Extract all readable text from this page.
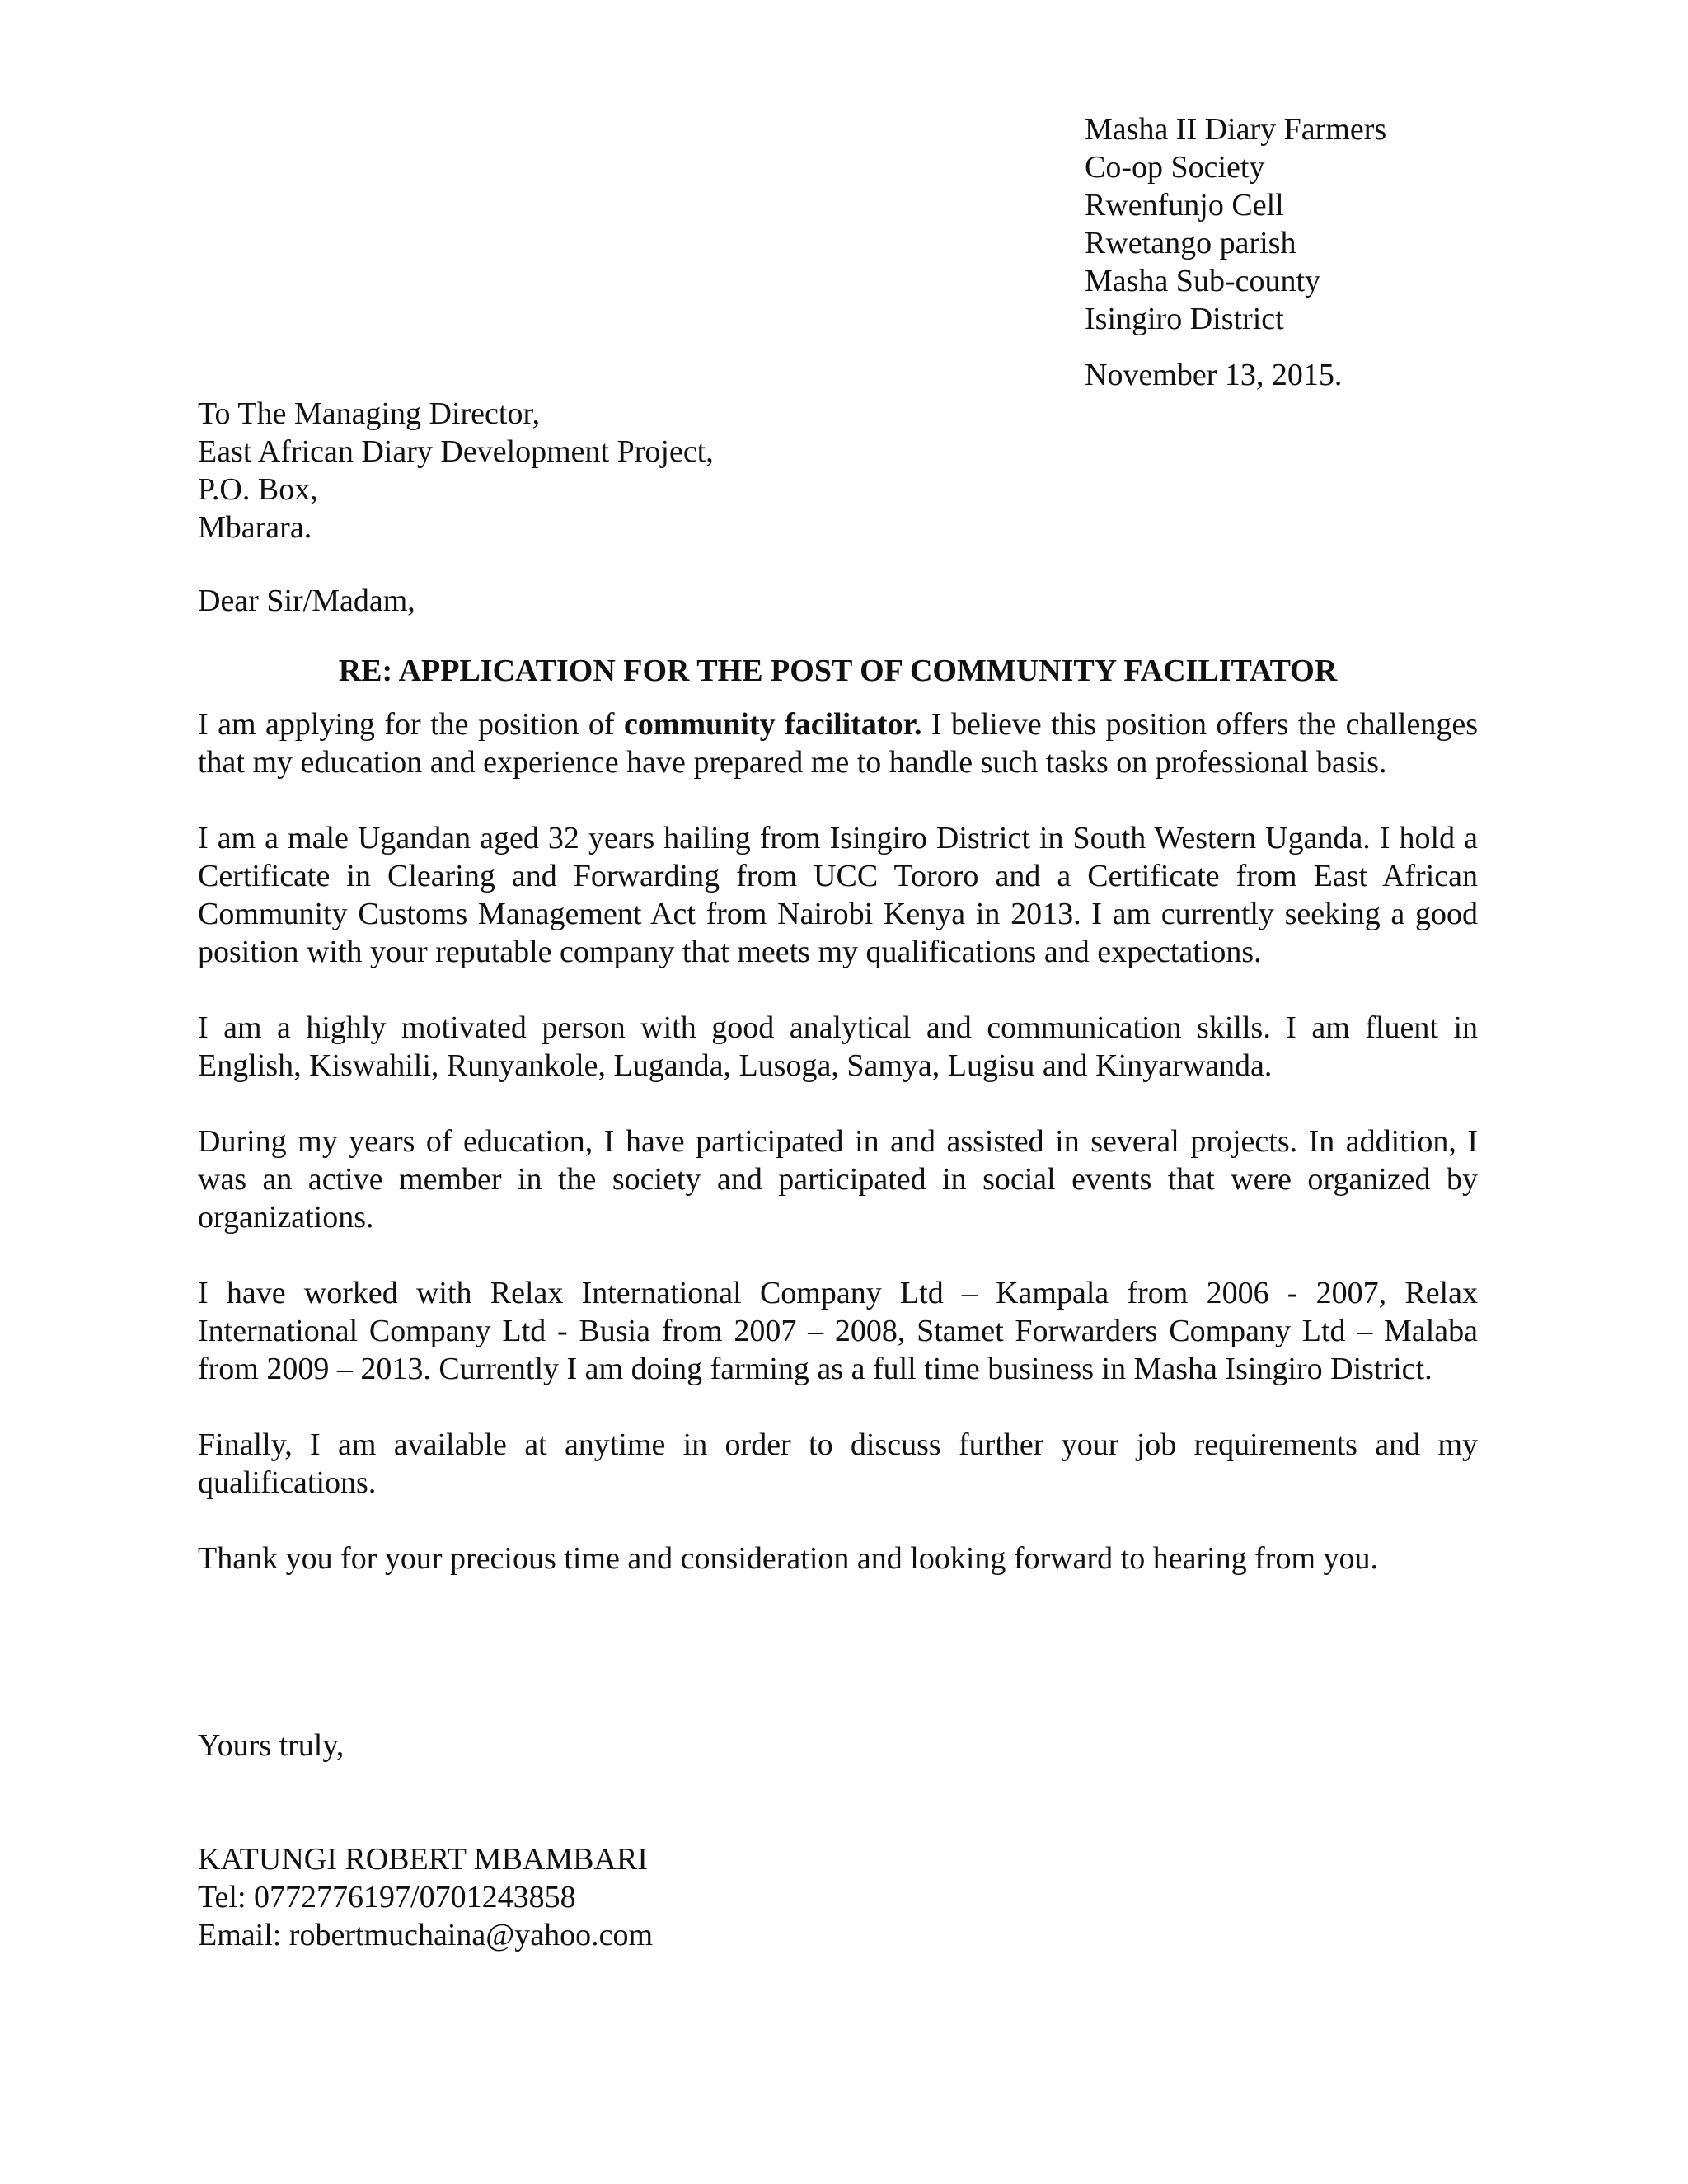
Masha II Diary Farmers
Co-op Society
Rwenfunjo Cell
Rwetango parish
Masha Sub-county
Isingiro District
November 13, 2015.
To The Managing Director,
East African Diary Development Project,
P.O. Box,
Mbarara.
Dear Sir/Madam,
RE: APPLICATION FOR THE POST OF COMMUNITY FACILITATOR

I am applying for the position of community facilitator. I believe this position offers the challenges that my education and experience have prepared me to handle such tasks on professional basis.

I am a male Ugandan aged 32 years hailing from Isingiro District in South Western Uganda. I hold a Certificate in Clearing and Forwarding from UCC Tororo and a Certificate from East African Community Customs Management Act from Nairobi Kenya in 2013. I am currently seeking a good position with your reputable company that meets my qualifications and expectations.

I am a highly motivated person with good analytical and communication skills. I am fluent in English, Kiswahili, Runyankole, Luganda, Lusoga, Samya, Lugisu and Kinyarwanda.

During my years of education, I have participated in and assisted in several projects. In addition, I was an active member in the society and participated in social events that were organized by organizations.

I have worked with Relax International Company Ltd – Kampala from 2006 - 2007, Relax International Company Ltd - Busia from 2007 – 2008, Stamet Forwarders Company Ltd – Malaba from 2009 – 2013. Currently I am doing farming as a full time business in Masha Isingiro District.

Finally, I am available at anytime in order to discuss further your job requirements and my qualifications.

Thank you for your precious time and consideration and looking forward to hearing from you.

Yours truly,
KATUNGI ROBERT MBAMBARI
Tel: 0772776197/0701243858
Email: robertmuchaina@yahoo.com
